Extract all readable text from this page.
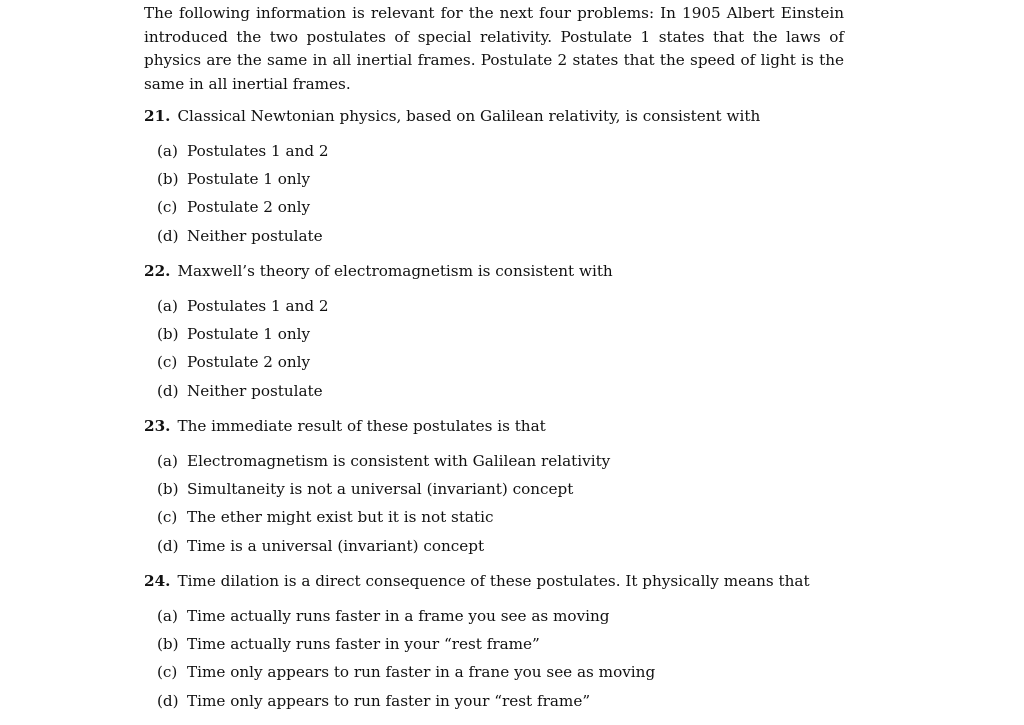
The following information is relevant for the next four problems: In 1905 Albert Einstein introduced the two postulates of special relativity. Postulate 1 states that the laws of physics are the same in all inertial frames. Postulate 2 states that the speed of light is the same in all inertial frames.

21. Classical Newtonian physics, based on Galilean relativity, is consistent with

(a) Postulates 1 and 2
(b) Postulate 1 only
(c) Postulate 2 only
(d) Neither postulate

22. Maxwell’s theory of electromagnetism is consistent with

(a) Postulates 1 and 2
(b) Postulate 1 only
(c) Postulate 2 only
(d) Neither postulate

23. The immediate result of these postulates is that

(a) Electromagnetism is consistent with Galilean relativity
(b) Simultaneity is not a universal (invariant) concept
(c) The ether might exist but it is not static
(d) Time is a universal (invariant) concept

24. Time dilation is a direct consequence of these postulates. It physically means that

(a) Time actually runs faster in a frame you see as moving
(b) Time actually runs faster in your “rest frame”
(c) Time only appears to run faster in a frane you see as moving
(d) Time only appears to run faster in your “rest frame”
